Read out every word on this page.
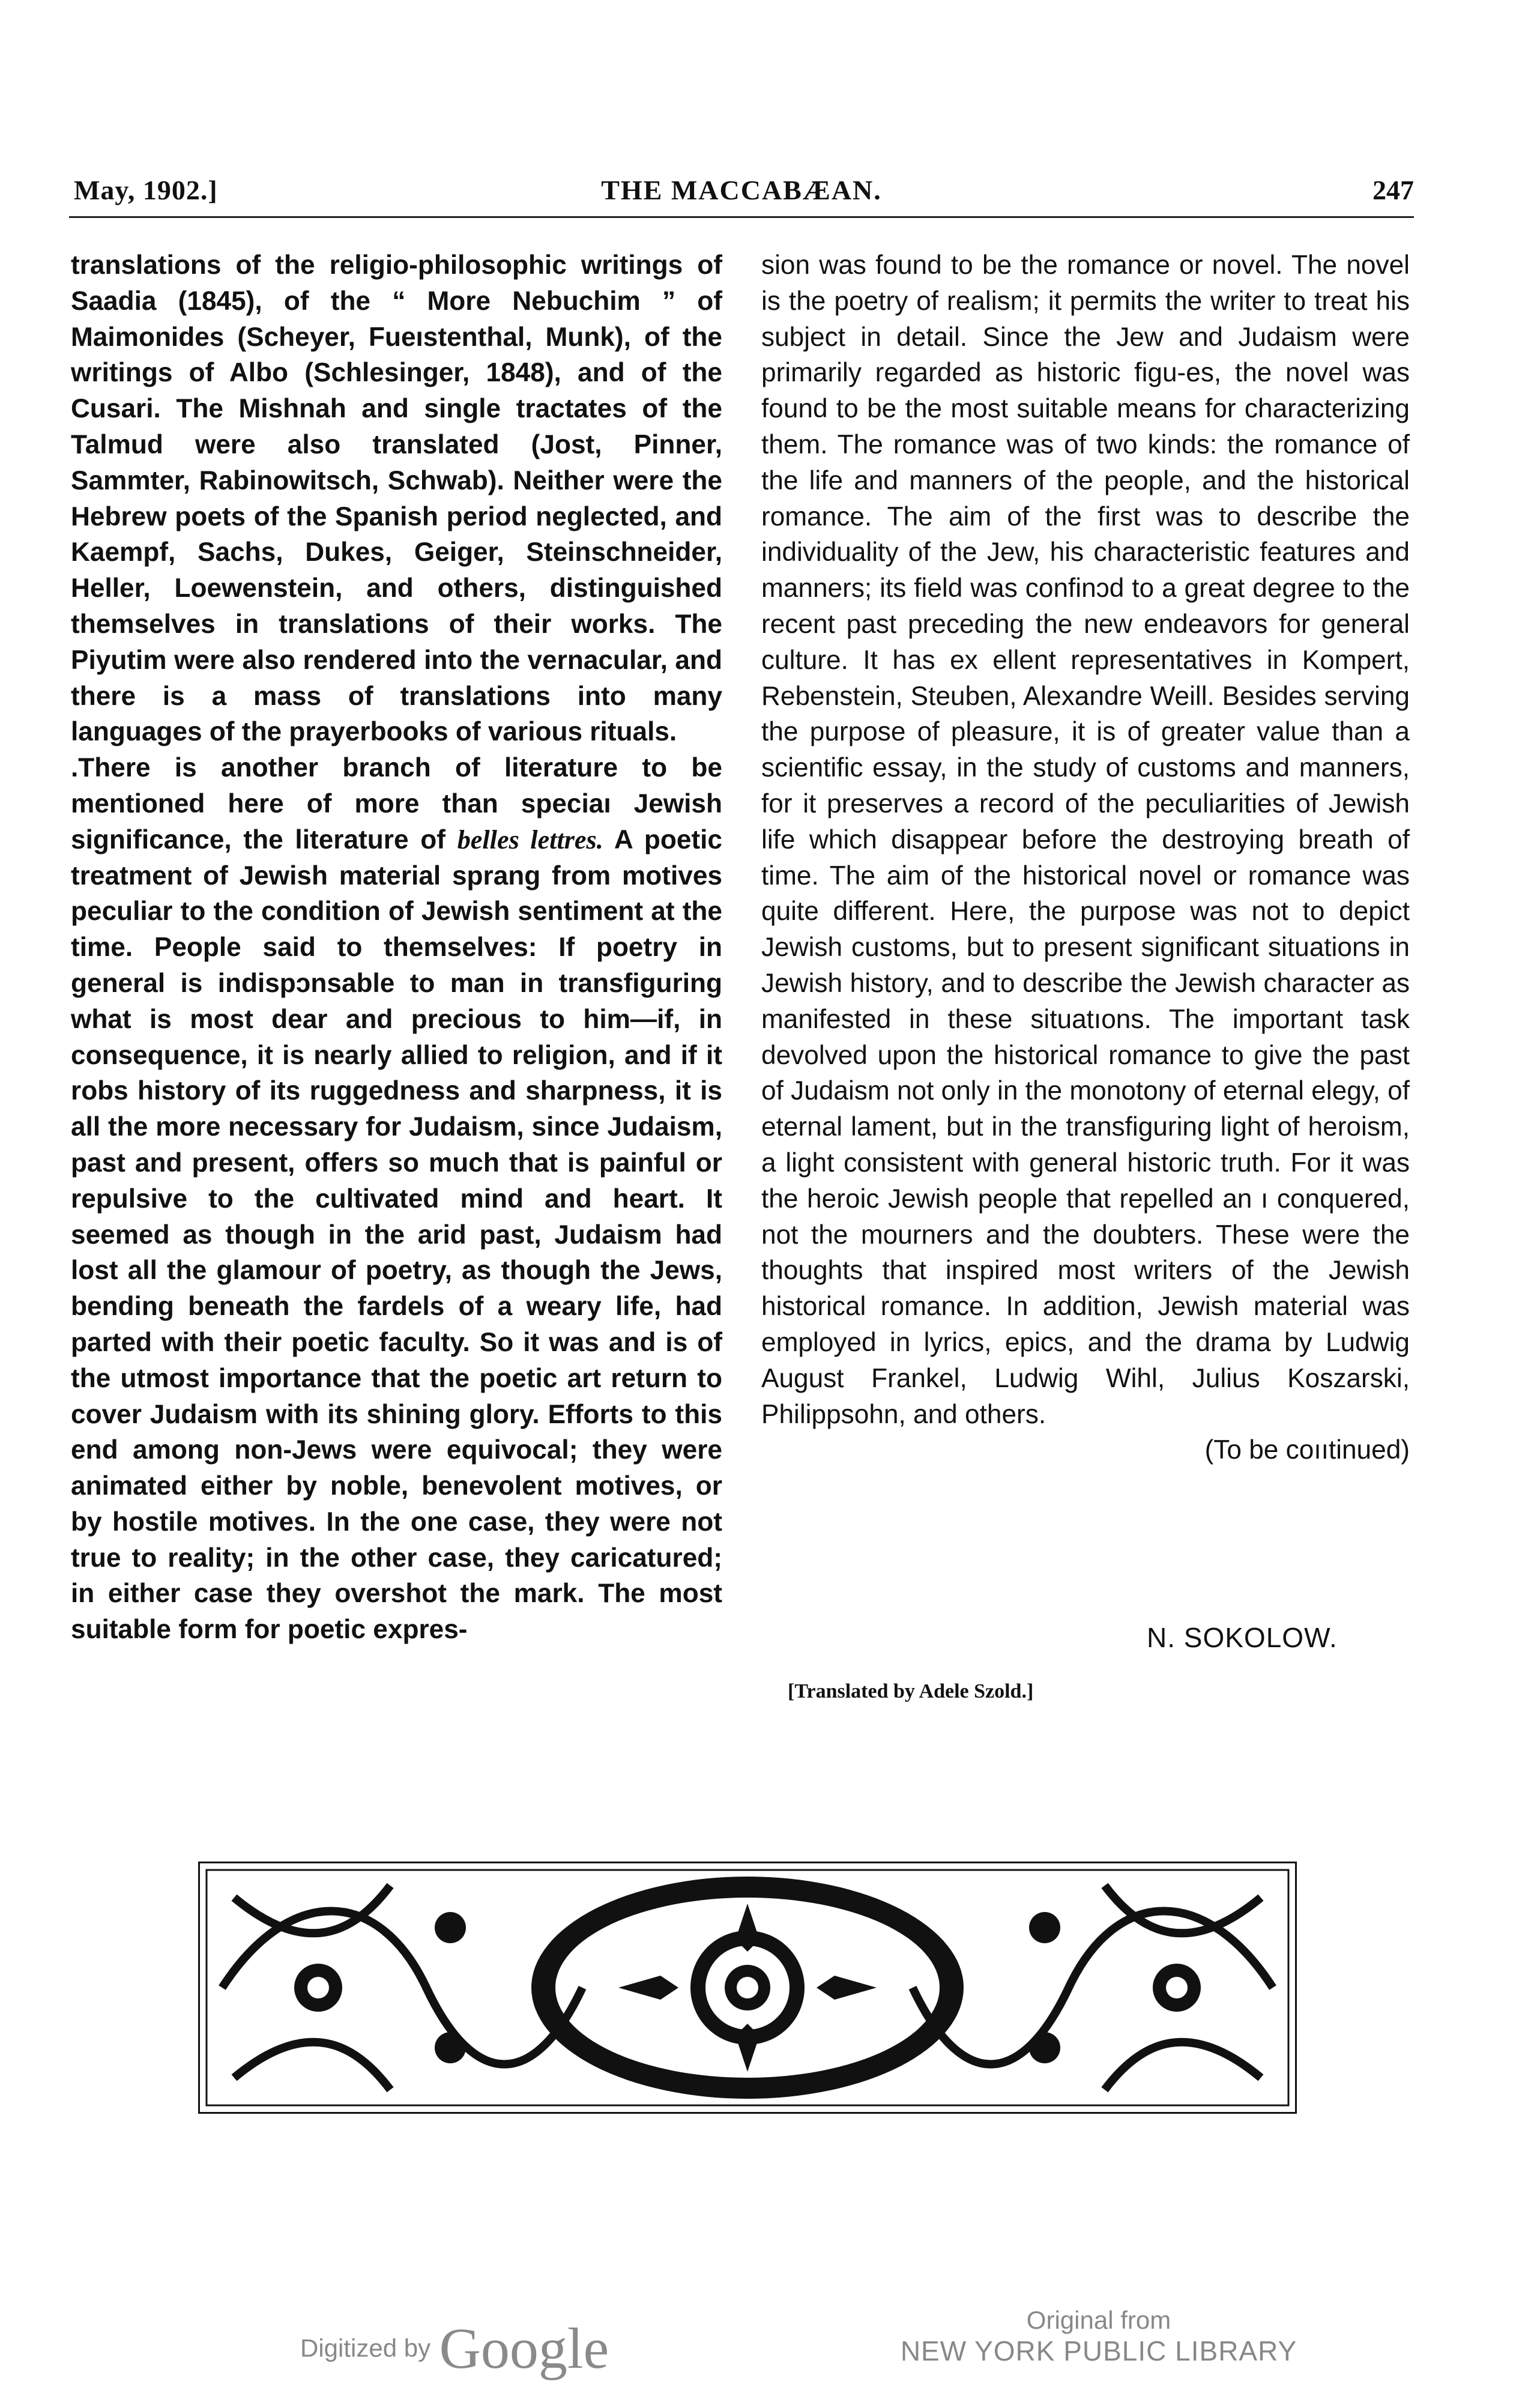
May, 1902.]	THE MACCABÆAN.	247

translations of the religio-philosophic writings of Saadia (1845), of the “ More Nebuchim ” of Maimonides (Scheyer, Fueıstenthal, Munk), of the writings of Albo (Schlesinger, 1848), and of the Cusari. The Mishnah and single tractates of the Talmud were also translated (Jost, Pinner, Sammter, Rabinowitsch, Schwab). Neither were the Hebrew poets of the Spanish period neglected, and Kaempf, Sachs, Dukes, Geiger, Steinschneider, Heller, Loewenstein, and others, distinguished themselves in translations of their works. The Piyutim were also rendered into the vernacular, and there is a mass of translations into many languages of the prayerbooks of various rituals.

.There is another branch of literature to be mentioned here of more than speciaı Jewish significance, the literature of belles lettres. A poetic treatment of Jewish material sprang from motives peculiar to the condition of Jewish sentiment at the time. People said to themselves: If poetry in general is indispɔnsable to man in transfiguring what is most dear and precious to him—if, in consequence, it is nearly allied to religion, and if it robs history of its ruggedness and sharpness, it is all the more necessary for Judaism, since Judaism, past and present, offers so much that is painful or repulsive to the cultivated mind and heart. It seemed as though in the arid past, Judaism had lost all the glamour of poetry, as though the Jews, bending beneath the fardels of a weary life, had parted with their poetic faculty. So it was and is of the utmost importance that the poetic art return to cover Judaism with its shining glory. Efforts to this end among non-Jews were equivocal; they were animated either by noble, benevolent motives, or by hostile motives. In the one case, they were not true to reality; in the other case, they caricatured; in either case they overshot the mark. The most suitable form for poetic expres-

sion was found to be the romance or novel. The novel is the poetry of realism; it permits the writer to treat his subject in detail. Since the Jew and Judaism were primarily regarded as historic figu‐es, the novel was found to be the most suitable means for characterizing them. The romance was of two kinds: the romance of the life and manners of the people, and the historical romance. The aim of the first was to describe the individuality of the Jew, his characteristic features and manners; its field was confinɔd to a great degree to the recent past preceding the new endeavors for general culture. It has ex ellent representatives in Kompert, Rebenstein, Steuben, Alexandre Weill. Besides serving the purpose of pleasure, it is of greater value than a scientific essay, in the study of customs and manners, for it preserves a record of the peculiarities of Jewish life which disappear before the destroying breath of time. The aim of the historical novel or romance was quite different. Here, the purpose was not to depict Jewish customs, but to present significant situations in Jewish history, and to describe the Jewish character as manifested in these situatıons. The important task devolved upon the historical romance to give the past of Judaism not only in the monotony of eternal elegy, of eternal lament, but in the transfiguring light of heroism, a light consistent with general historic truth. For it was the heroic Jewish people that repelled an ı conquered, not the mourners and the doubters. These were the thoughts that inspired most writers of the Jewish historical romance. In addition, Jewish material was employed in lyrics, epics, and the drama by Ludwig August Frankel, Ludwig Wihl, Julius Koszarski, Philippsohn, and others.

(To be coııtinued)

N. SOKOLOW.
[Translated by Adele Szold.]
Digitized by Google	Original from
NEW YORK PUBLIC LIBRARY
